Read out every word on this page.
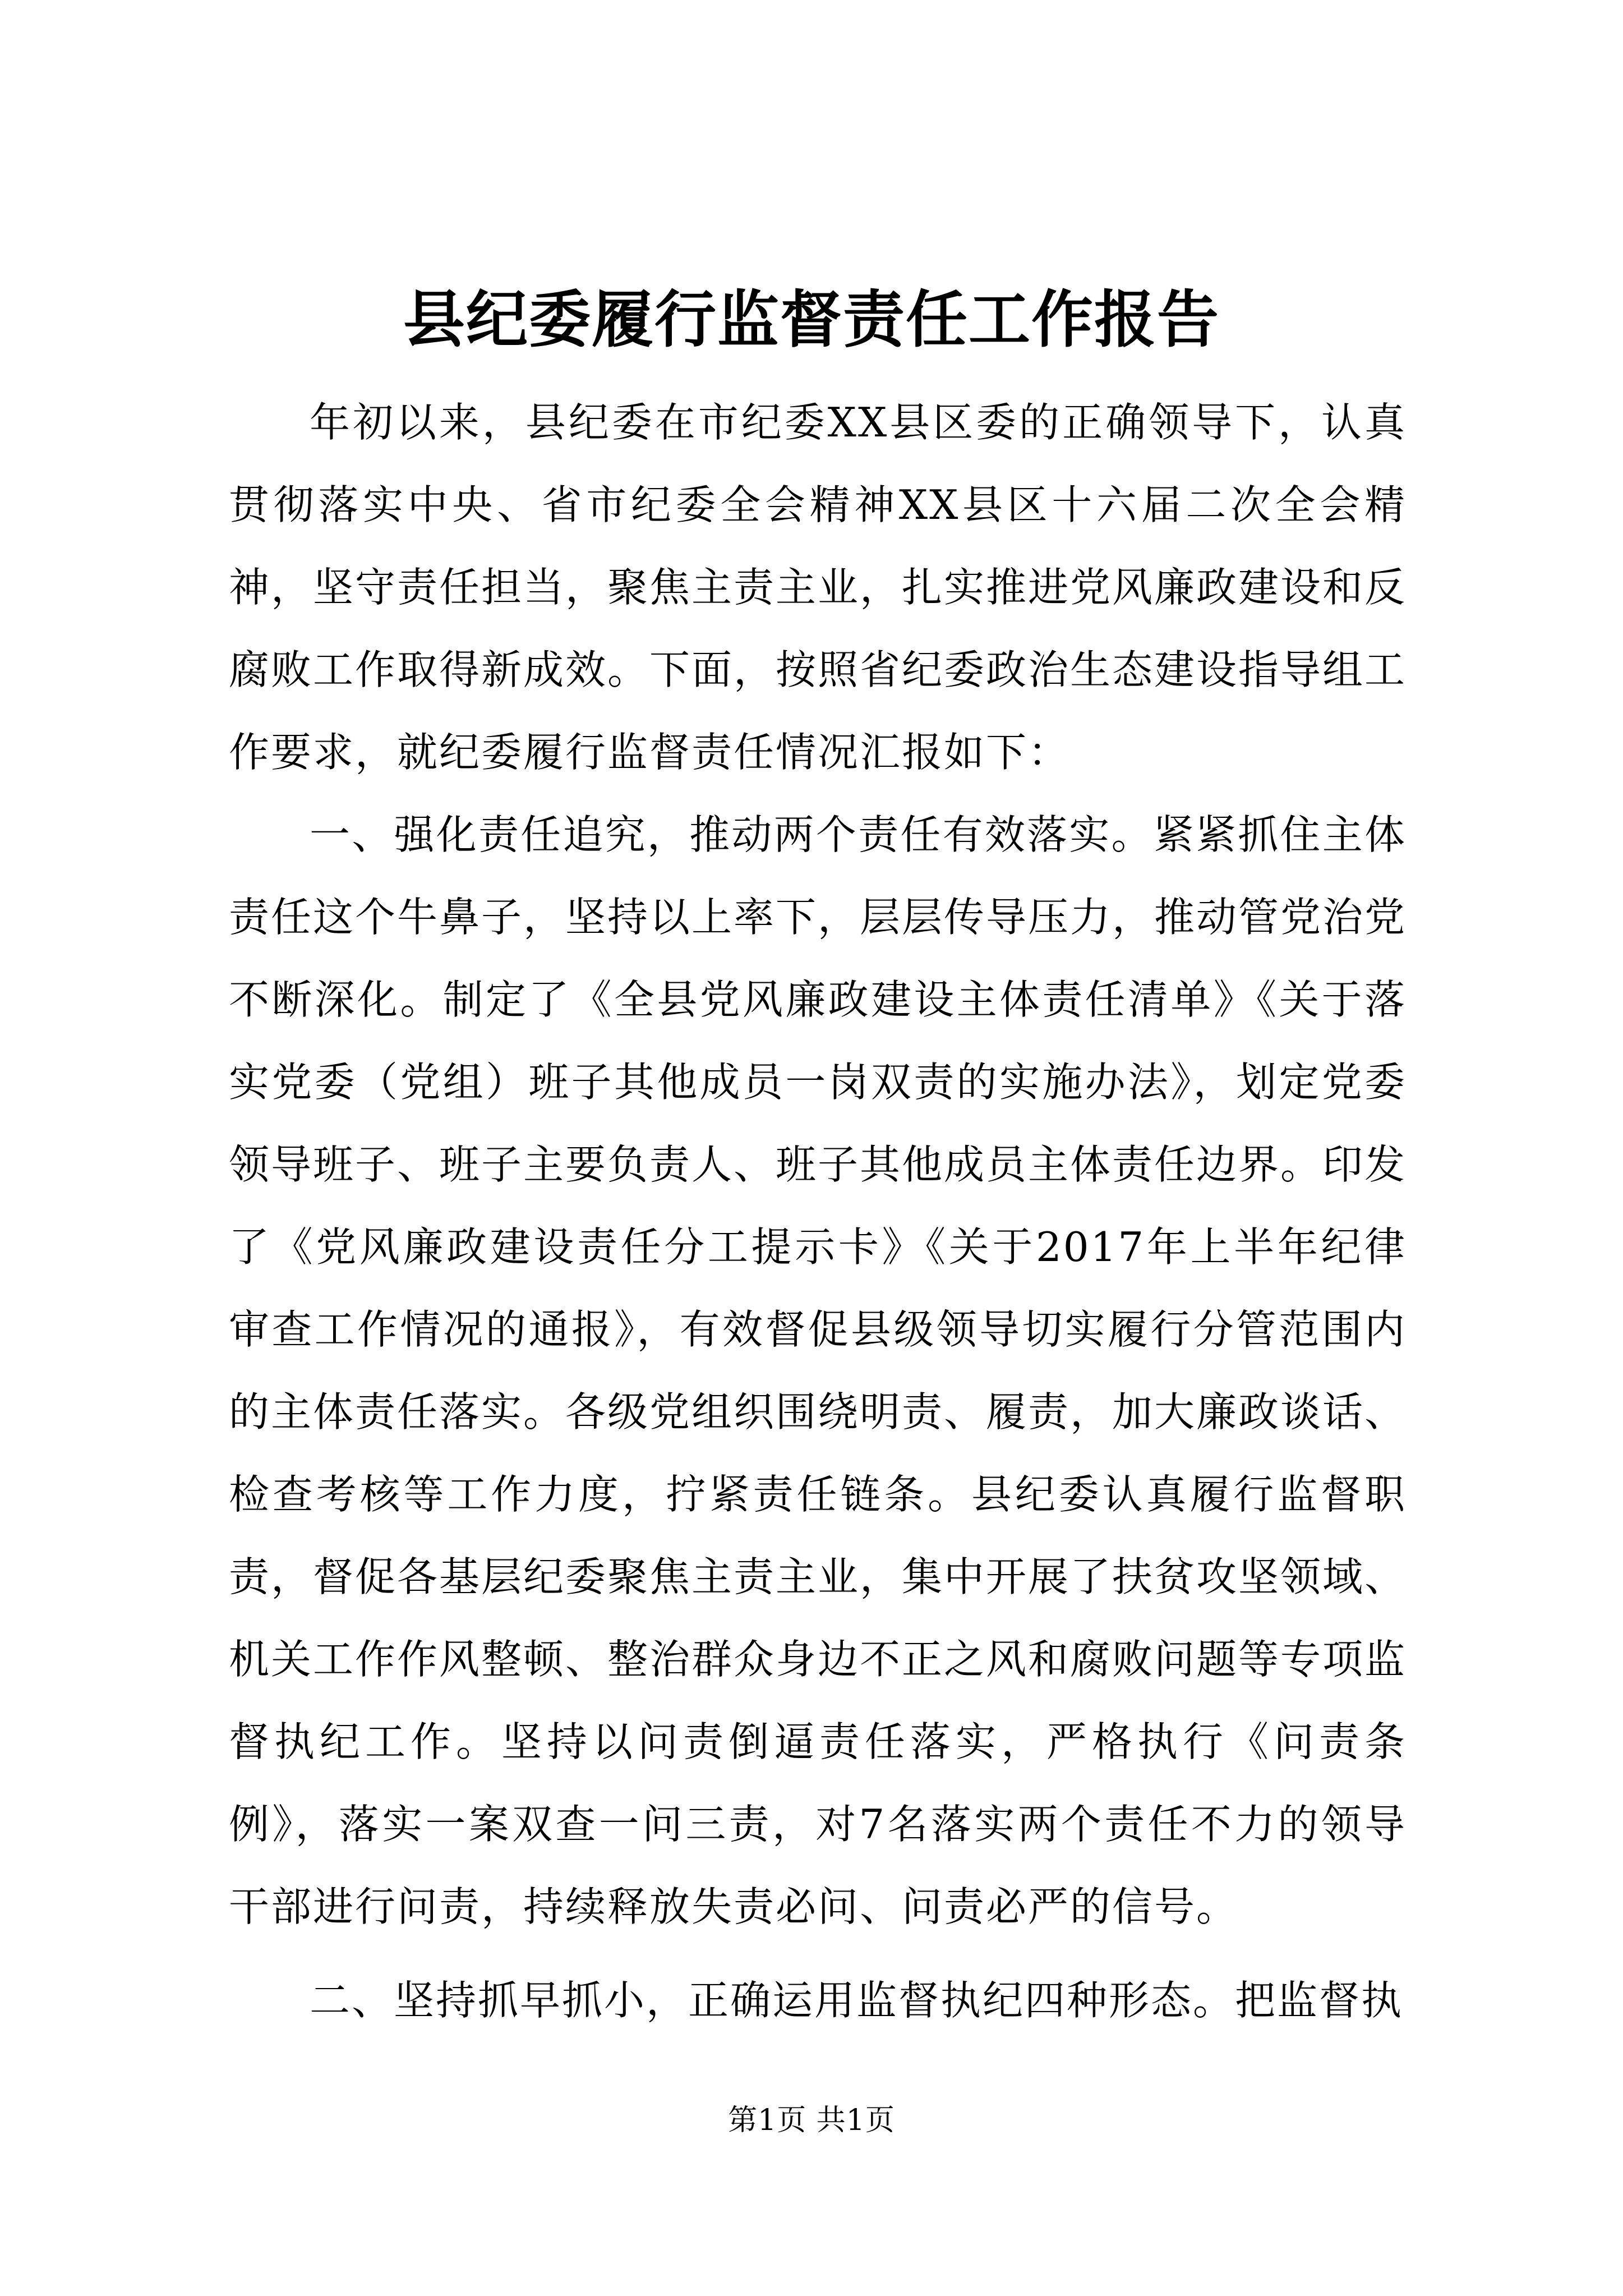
县纪委履行监督责任工作报告

年初以来，县纪委在市纪委XX县区委的正确领导下，认真贯彻落实中央、省市纪委全会精神XX县区十六届二次全会精神，坚守责任担当，聚焦主责主业，扎实推进党风廉政建设和反腐败工作取得新成效。下面，按照省纪委政治生态建设指导组工作要求，就纪委履行监督责任情况汇报如下：

一、强化责任追究，推动两个责任有效落实。紧紧抓住主体责任这个牛鼻子，坚持以上率下，层层传导压力，推动管党治党不断深化。制定了《全县党风廉政建设主体责任清单》《关于落实党委（党组）班子其他成员一岗双责的实施办法》，划定党委领导班子、班子主要负责人、班子其他成员主体责任边界。印发了《党风廉政建设责任分工提示卡》《关于2017年上半年纪律审查工作情况的通报》，有效督促县级领导切实履行分管范围内的主体责任落实。各级党组织围绕明责、履责，加大廉政谈话、检查考核等工作力度，拧紧责任链条。县纪委认真履行监督职责，督促各基层纪委聚焦主责主业，集中开展了扶贫攻坚领域、机关工作作风整顿、整治群众身边不正之风和腐败问题等专项监督执纪工作。坚持以问责倒逼责任落实，严格执行《问责条例》，落实一案双查一问三责，对7名落实两个责任不力的领导干部进行问责，持续释放失责必问、问责必严的信号。

二、坚持抓早抓小，正确运用监督执纪四种形态。把监督执

第1页 共1页
